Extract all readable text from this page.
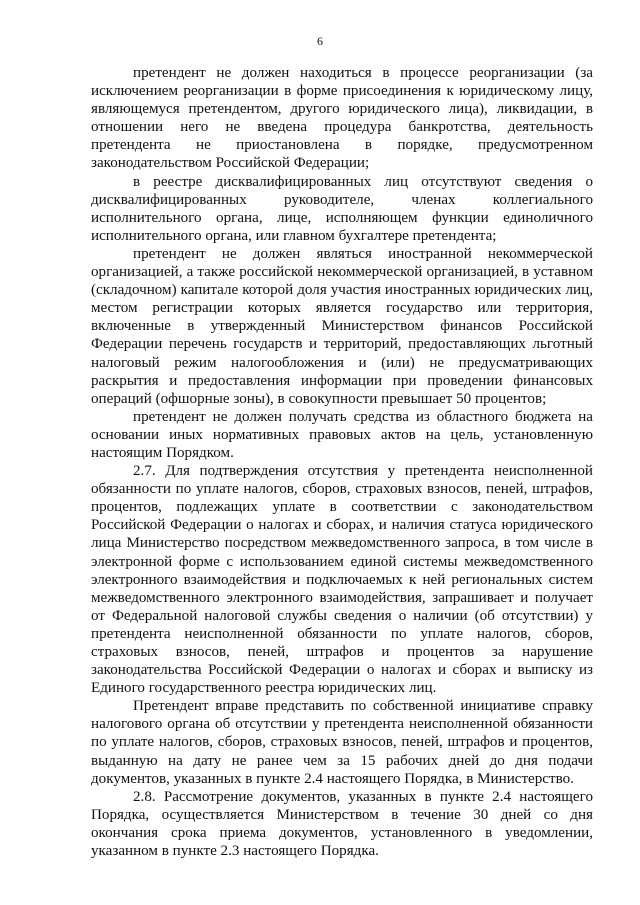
6

претендент не должен находиться в процессе реорганизации (за исключением реорганизации в форме присоединения к юридическому лицу, являющемуся претендентом, другого юридического лица), ликвидации, в отношении него не введена процедура банкротства, деятельность претендента не приостановлена в порядке, предусмотренном законодательством Российской Федерации;

в реестре дисквалифицированных лиц отсутствуют сведения о дисквалифицированных руководителе, членах коллегиального исполнительного органа, лице, исполняющем функции единоличного исполнительного органа, или главном бухгалтере претендента;

претендент не должен являться иностранной некоммерческой организацией, а также российской некоммерческой организацией, в уставном (складочном) капитале которой доля участия иностранных юридических лиц, местом регистрации которых является государство или территория, включенные в утвержденный Министерством финансов Российской Федерации перечень государств и территорий, предоставляющих льготный налоговый режим налогообложения и (или) не предусматривающих раскрытия и предоставления информации при проведении финансовых операций (офшорные зоны), в совокупности превышает 50 процентов;

претендент не должен получать средства из областного бюджета на основании иных нормативных правовых актов на цель, установленную настоящим Порядком.

2.7. Для подтверждения отсутствия у претендента неисполненной обязанности по уплате налогов, сборов, страховых взносов, пеней, штрафов, процентов, подлежащих уплате в соответствии с законодательством Российской Федерации о налогах и сборах, и наличия статуса юридического лица Министерство посредством межведомственного запроса, в том числе в электронной форме с использованием единой системы межведомственного электронного взаимодействия и подключаемых к ней региональных систем межведомственного электронного взаимодействия, запрашивает и получает от Федеральной налоговой службы сведения о наличии (об отсутствии) у претендента неисполненной обязанности по уплате налогов, сборов, страховых взносов, пеней, штрафов и процентов за нарушение законодательства Российской Федерации о налогах и сборах и выписку из Единого государственного реестра юридических лиц.

Претендент вправе представить по собственной инициативе справку налогового органа об отсутствии у претендента неисполненной обязанности по уплате налогов, сборов, страховых взносов, пеней, штрафов и процентов, выданную на дату не ранее чем за 15 рабочих дней до дня подачи документов, указанных в пункте 2.4 настоящего Порядка, в Министерство.

2.8. Рассмотрение документов, указанных в пункте 2.4 настоящего Порядка, осуществляется Министерством в течение 30 дней со дня окончания срока приема документов, установленного в уведомлении, указанном в пункте 2.3 настоящего Порядка.
